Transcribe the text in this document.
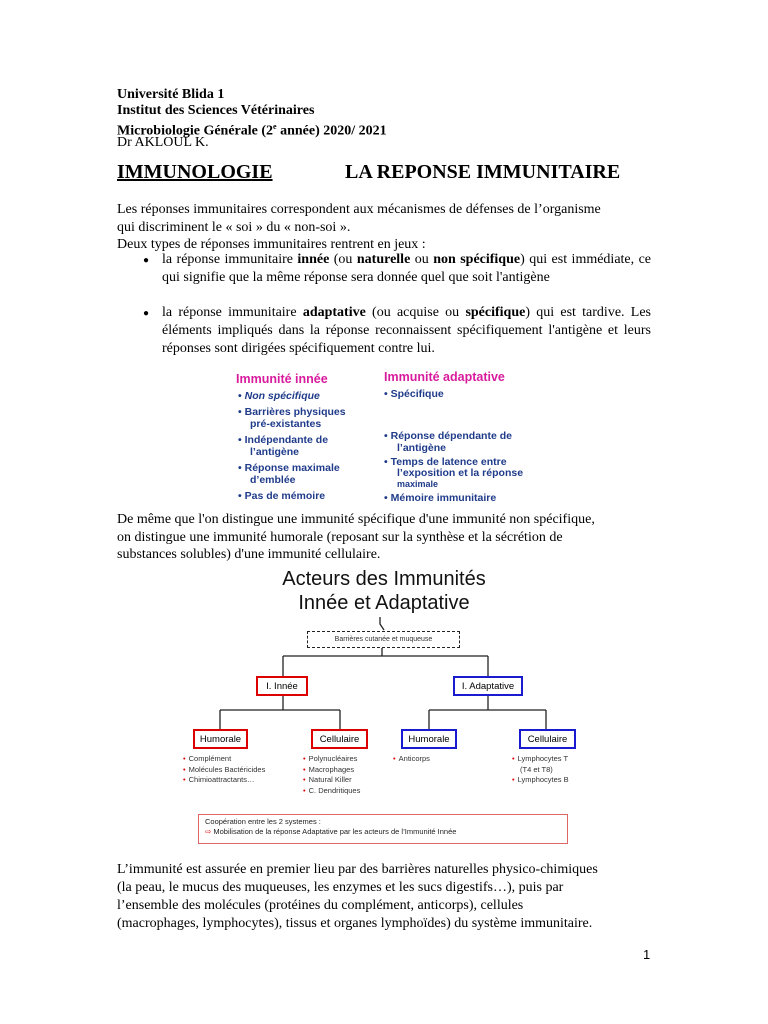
Université Blida 1
Institut des Sciences Vétérinaires
Microbiologie Générale (2e année) 2020/ 2021
Dr AKLOUL K.
IMMUNOLOGIE	LA REPONSE IMMUNITAIRE
Les réponses immunitaires correspondent aux mécanismes de défenses de l’organisme
qui discriminent le « soi » du « non-soi ».
Deux types de réponses immunitaires rentrent en jeux :
● la réponse immunitaire innée (ou naturelle ou non spécifique) qui est immédiate, ce qui signifie que la même réponse sera donnée quel que soit l'antigène
● la réponse immunitaire adaptative (ou acquise ou spécifique) qui est tardive. Les éléments impliqués dans la réponse reconnaissent spécifiquement l'antigène et leurs réponses sont dirigées spécifiquement contre lui.
Immunité innée
• Non spécifique
• Barrières physiques
pré-existantes
• Indépendante de
l’antigène
• Réponse maximale
d’emblée
• Pas de mémoire
Immunité adaptative
• Spécifique
• Réponse dépendante de
l’antigène
• Temps de latence entre
l’exposition et la réponse
maximale
• Mémoire immunitaire
De même que l'on distingue une immunité spécifique d'une immunité non spécifique,
on distingue une immunité humorale (reposant sur la synthèse et la sécrétion de
substances solubles) d'une immunité cellulaire.
Acteurs des Immunités
Innée et Adaptative
Barrières cutanée et muqueuse
I. Innée	I. Adaptative
Humorale	Cellulaire	Humorale	Cellulaire
• Complément
• Molécules Bactéricides
• Chimioattractants…
• Polynucléaires
• Macrophages
• Natural Killer
• C. Dendritiques
• Anticorps	• Lymphocytes T
(T4 et T8)
• Lymphocytes B
Coopération entre les 2 systemes :
⇨ Mobilisation de la réponse Adaptative par les acteurs de l’Immunité Innée
L’immunité est assurée en premier lieu par des barrières naturelles physico-chimiques
(la peau, le mucus des muqueuses, les enzymes et les sucs digestifs…), puis par
l’ensemble des molécules (protéines du complément, anticorps), cellules
(macrophages, lymphocytes), tissus et organes lymphoïdes) du système immunitaire.
1
